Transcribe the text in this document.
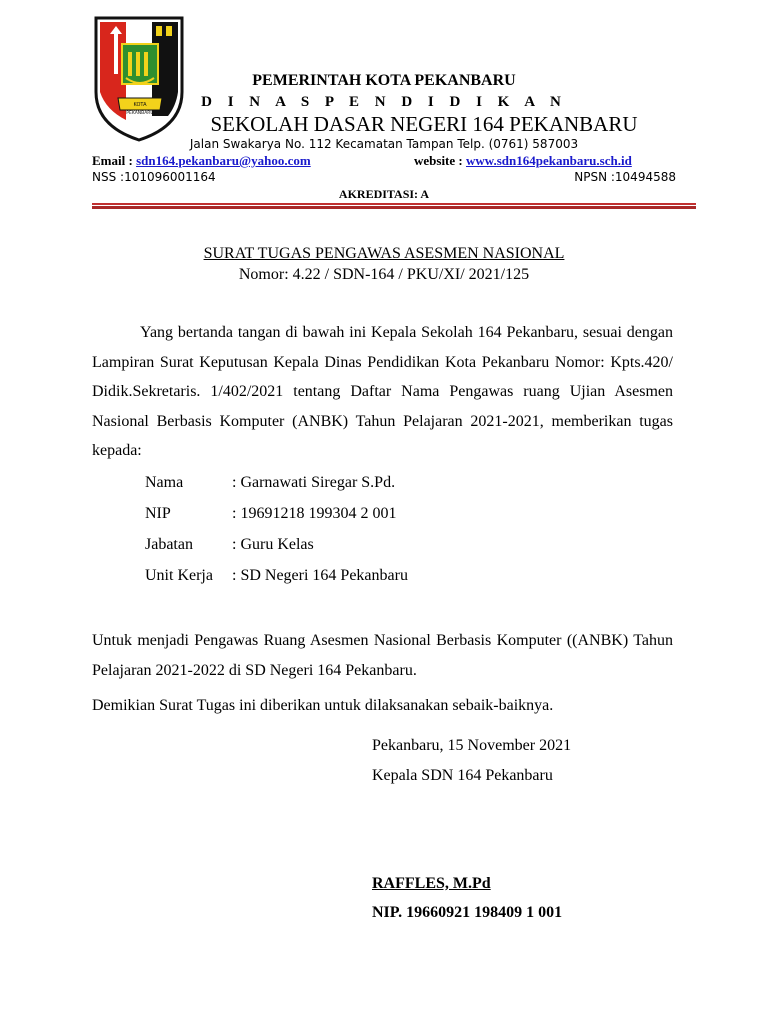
KOTA
PEKANBARU
PEMERINTAH KOTA PEKANBARU
D I N A S P E N D I D I K A N
SEKOLAH DASAR NEGERI 164 PEKANBARU
Jalan Swakarya No. 112 Kecamatan Tampan Telp. (0761) 587003
Email : sdn164.pekanbaru@yahoo.com	website : www.sdn164pekanbaru.sch.id
NSS :101096001164	NPSN :10494588
AKREDITASI: A
SURAT TUGAS PENGAWAS ASESMEN NASIONAL
Nomor: 4.22 / SDN-164 / PKU/XI/ 2021/125
Yang bertanda tangan di bawah ini Kepala Sekolah 164 Pekanbaru, sesuai dengan Lampiran Surat Keputusan Kepala Dinas Pendidikan Kota Pekanbaru Nomor: Kpts.420/ Didik.Sekretaris. 1/402/2021 tentang Daftar Nama Pengawas ruang Ujian Asesmen Nasional Berbasis Komputer (ANBK) Tahun Pelajaran 2021-2021, memberikan tugas kepada:
Nama	: Garnawati Siregar S.Pd.
NIP	: 19691218 199304 2 001
Jabatan	: Guru Kelas
Unit Kerja	: SD Negeri 164 Pekanbaru
Untuk menjadi Pengawas Ruang Asesmen Nasional Berbasis Komputer ((ANBK) Tahun Pelajaran 2021-2022 di SD Negeri 164 Pekanbaru.
Demikian Surat Tugas ini diberikan untuk dilaksanakan sebaik-baiknya.
Pekanbaru, 15 November 2021
Kepala SDN 164 Pekanbaru
RAFFLES, M.Pd
NIP. 19660921 198409 1 001
